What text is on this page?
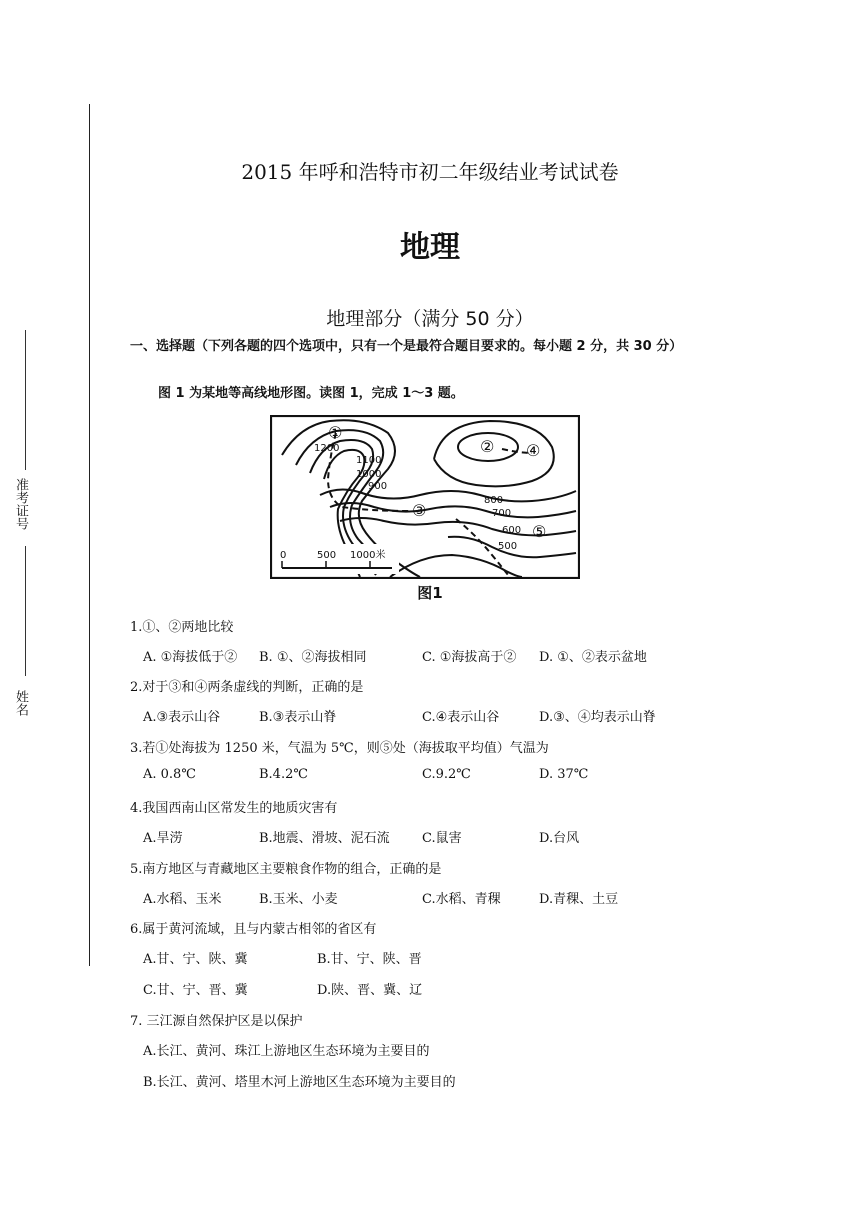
准考证号
姓名
2015 年呼和浩特市初二年级结业考试试卷
地理
地理部分（满分 50 分）
一、选择题（下列各题的四个选项中，只有一个是最符合题目要求的。每小题 2 分，共 30 分）
图 1 为某地等高线地形图。读图 1，完成 1～3 题。
1200
1100
1000
900
800
700
600
500
①
②
③
④
⑤
0	500 1000米
图1
1.①、②两地比较
A. ①海拔低于② B. ①、②海拔相同	C. ①海拔高于② D. ①、②表示盆地
2.对于③和④两条虚线的判断，正确的是
A.③表示山谷	B.③表示山脊	C.④表示山谷	D.③、④均表示山脊
3.若①处海拔为 1250 米，气温为 5℃，则⑤处（海拔取平均值）气温为
A. 0.8℃	B.4.2℃	C.9.2℃	D. 37℃
4.我国西南山区常发生的地质灾害有
A.旱涝	B.地震、滑坡、泥石流 C.鼠害	D.台风
5.南方地区与青藏地区主要粮食作物的组合，正确的是
A.水稻、玉米	B.玉米、小麦	C.水稻、青稞	D.青稞、土豆
6.属于黄河流域，且与内蒙古相邻的省区有
A.甘、宁、陕、冀	B.甘、宁、陕、晋
C.甘、宁、晋、冀	D.陕、晋、冀、辽
7. 三江源自然保护区是以保护
A.长江、黄河、珠江上游地区生态环境为主要目的
B.长江、黄河、塔里木河上游地区生态环境为主要目的
